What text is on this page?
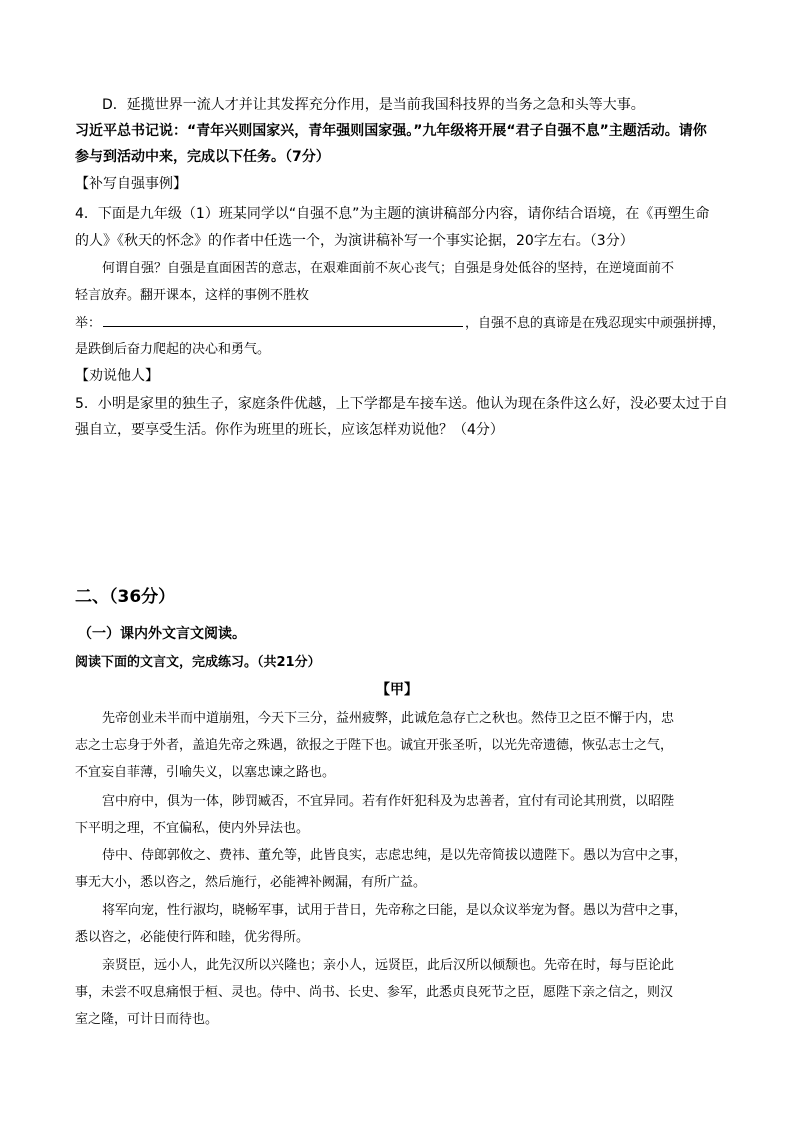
D．延揽世界一流人才并让其发挥充分作用，是当前我国科技界的当务之急和头等大事。
习近平总书记说：“青年兴则国家兴，青年强则国家强。”九年级将开展“君子自强不息”主题活动。请你
参与到活动中来，完成以下任务。（7分）
【补写自强事例】
4．下面是九年级（1）班某同学以“自强不息”为主题的演讲稿部分内容，请你结合语境，在《再塑生命
的人》《秋天的怀念》的作者中任选一个，为演讲稿补写一个事实论据，20字左右。（3分）
何谓自强？自强是直面困苦的意志，在艰难面前不灰心丧气；自强是身处低谷的坚持，在逆境面前不
轻言放弃。翻开课本，这样的事例不胜枚
举：	，自强不息的真谛是在残忍现实中顽强拼搏，
是跌倒后奋力爬起的决心和勇气。
【劝说他人】
5．小明是家里的独生子，家庭条件优越，上下学都是车接车送。他认为现在条件这么好，没必要太过于自
强自立，要享受生活。你作为班里的班长，应该怎样劝说他？（4分）
二、（36分）
（一）课内外文言文阅读。
阅读下面的文言文，完成练习。（共21分）
【甲】
先帝创业未半而中道崩殂，今天下三分，益州疲弊，此诚危急存亡之秋也。然侍卫之臣不懈于内，忠
志之士忘身于外者，盖追先帝之殊遇，欲报之于陛下也。诚宜开张圣听，以光先帝遗德，恢弘志士之气，
不宜妄自菲薄，引喻失义，以塞忠谏之路也。
宫中府中，俱为一体，陟罚臧否，不宜异同。若有作奸犯科及为忠善者，宜付有司论其刑赏，以昭陛
下平明之理，不宜偏私，使内外异法也。
侍中、侍郎郭攸之、费祎、董允等，此皆良实，志虑忠纯，是以先帝简拔以遗陛下。愚以为宫中之事，
事无大小，悉以咨之，然后施行，必能裨补阙漏，有所广益。
将军向宠，性行淑均，晓畅军事，试用于昔日，先帝称之曰能，是以众议举宠为督。愚以为营中之事，
悉以咨之，必能使行阵和睦，优劣得所。
亲贤臣，远小人，此先汉所以兴隆也；亲小人，远贤臣，此后汉所以倾颓也。先帝在时，每与臣论此
事，未尝不叹息痛恨于桓、灵也。侍中、尚书、长史、参军，此悉贞良死节之臣，愿陛下亲之信之，则汉
室之隆，可计日而待也。
